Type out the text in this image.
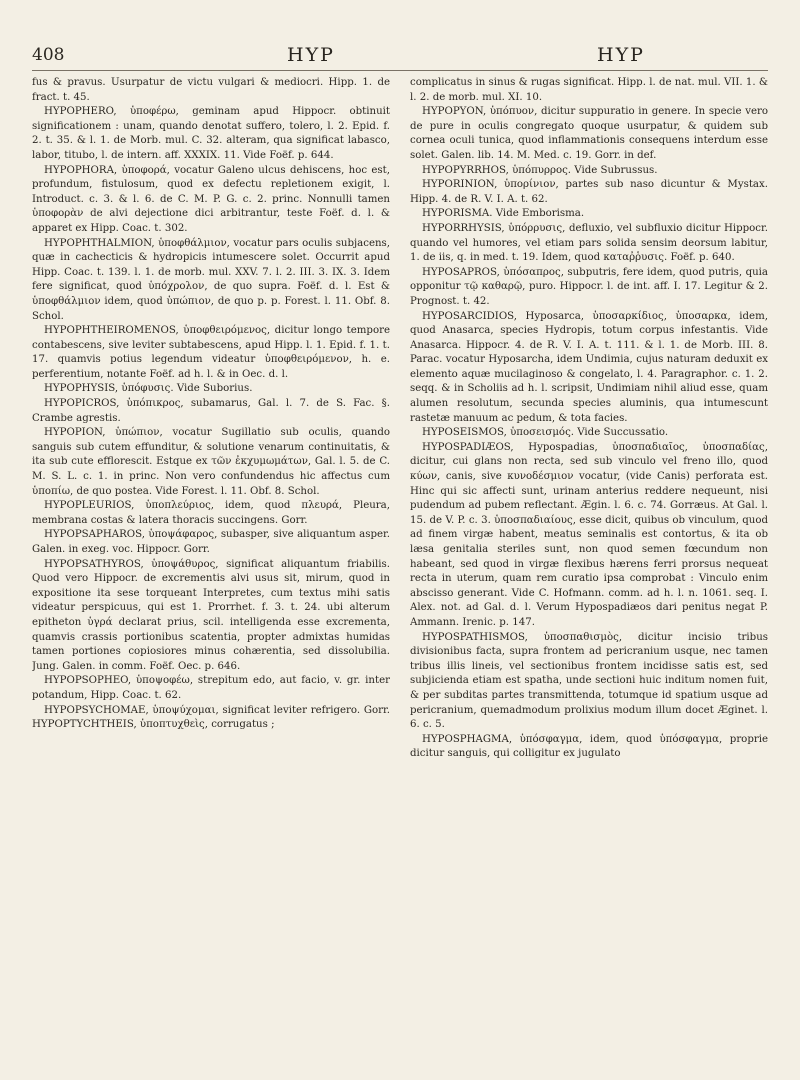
408	HYP	HYP

fus & pravus. Usurpatur de victu vulgari & mediocri. Hipp. 1. de fract. t. 45.

HYPOPHERO, ὑποφέρω, geminam apud Hippocr. obtinuit significationem : unam, quando denotat sufferо, tolero, l. 2. Epid. f. 2. t. 35. & l. 1. de Morb. mul. C. 32. alteram, qua significat labasco, labor, titubo, l. de intern. aff. XXXIX. 11. Vide Foëf. p. 644.

HYPOPHORA, ὑποφορά, vocatur Galeno ulcus dehiscens, hoc est, profundum, fistulosum, quod ex defectu repletionem exigit, l. Introduct. c. 3. & l. 6. de C. M. P. G. c. 2. princ. Nonnulli tamen ὑποφορὰν de alvi dejectione dici arbitrantur, teste Foëf. d. l. & apparet ex Hipp. Coac. t. 302.

HYPOPHTHALMION, ὑποφθάλμιον, vocatur pars oculis subjacens, quæ in cachecticis & hydropicis intumescere solet. Occurrit apud Hipp. Coac. t. 139. l. 1. de morb. mul. XXV. 7. l. 2. III. 3. IX. 3. Idem fere significat, quod ὑπόχρολον, de quo supra. Foëf. d. l. Est & ὑποφθάλμιον idem, quod ὑπώπιον, de quo p. p. Forest. l. 11. Obf. 8. Schol.

HYPOPHTHEIROMENOS, ὑποφθειρόμενος, dicitur longo tempore contabescens, sive leviter subtabescens, apud Hipp. l. 1. Epid. f. 1. t. 17. quamvis potius legendum videatur ὑποφθειρόμενον, h. e. perferentium, notante Foëf. ad h. l. & in Oec. d. l.

HYPOPHYSIS, ὑπόφυσις. Vide Suborius.

HYPOPICROS, ὑπόπικρος, subamarus, Gal. l. 7. de S. Fac. §. Crambe agrestis.

HYPOPION, ὑπώπιον, vocatur Sugillatio sub oculis, quando sanguis sub cutem effunditur, & solutione venarum continuitatis, & ita sub cute efflorescit. Estque ex τῶν ἐκχυμωμάτων, Gal. l. 5. de C. M. S. L. c. 1. in princ. Non vero confundendus hic affectus cum ὑποπίω, de quo postea. Vide Forest. l. 11. Obf. 8. Schol.

HYPOPLEURIOS, ὑποπλεύριος, idem, quod πλευρά, Pleura, membrana costas & latera thoracis succingens. Gorr.

HYPOPSAPHAROS, ὑποψάφαρος, subasper, sive aliquantum asper. Galen. in exeg. voc. Hippocr. Gorr.

HYPOPSATHYROS, ὑποψάθυρος, significat aliquantum friabilis. Quod vero Hippocr. de excrementis alvi usus sit, mirum, quod in expositione ita sese torqueant Interpretes, cum textus mihi satis videatur perspicuus, qui est 1. Prorrhet. f. 3. t. 24. ubi alterum epitheton ὑγρά declarat prius, scil. intelligenda esse excrementa, quamvis crassis portionibus scatentia, propter admixtas humidas tamen portiones copiosiores minus cohærentia, sed dissolubilia. Jung. Galen. in comm. Foëf. Oec. p. 646.

HYPOPSOPHEO, ὑποψοφέω, strepitum edo, aut facio, v. gr. inter potandum, Hipp. Coac. t. 62.

HYPOPSYCHOMAE, ὑποψύχομαι, significat leviter refrigero. Gorr. HYPOPTYCHTHEIS, ὑποπτυχθεὶς, corrugatus ;

complicatus in sinus & rugas significat. Hipp. l. de nat. mul. VII. 1. & l. 2. de morb. mul. XI. 10.

HYPOPYON, ὑπόπυον, dicitur suppuratio in genere. In specie vero de pure in oculis congregato quoque usurpatur, & quidem sub cornea oculi tunica, quod inflammationis consequens interdum esse solet. Galen. lib. 14. M. Med. c. 19. Gorr. in def.

HYPOPYRRHOS, ὑπόπυρρος. Vide Subrussus.

HYPORINION, ὑπορίνιον, partes sub naso dicuntur & Mystax. Hipp. 4. de R. V. I. A. t. 62.

HYPORISMA. Vide Emborisma.

HYPORRHYSIS, ὑπόρρυσις, defluxio, vel subfluxio dicitur Hippocr. quando vel humores, vel etiam pars solida sensim deorsum labitur, 1. de iis, q. in med. t. 19. Idem, quod καταῤῥυσις. Foëf. p. 640.

HYPOSAPROS, ὑπόσαπρος, subputris, fere idem, quod putris, quia opponitur τῷ καθαρῷ, puro. Hippocr. l. de int. aff. I. 17. Legitur & 2. Prognost. t. 42.

HYPOSARCIDIOS, Hyposarca, ὑποσαρκίδιος, ὑποσαρκα, idem, quod Anasarca, species Hydropis, totum corpus infestantis. Vide Anasarca. Hippocr. 4. de R. V. I. A. t. 111. & l. 1. de Morb. III. 8. Parac. vocatur Hyposarcha, idem Undimia, cujus naturam deduxit ex elemento aquæ mucilaginoso & congelato, l. 4. Paragraphor. c. 1. 2. seqq. & in Scholiis ad h. l. scripsit, Undimiam nihil aliud esse, quam alumen resolutum, secunda species aluminis, qua intumescunt rastetæ manuum ac pedum, & tota facies.

HYPOSEISMOS, ὑποσεισμός. Vide Succussatio.

HYPOSPADIÆOS, Hypospadias, ὑποσπαδιαῖος, ὑποσπαδίας, dicitur, cui glans non recta, sed sub vinculo vel freno illo, quod κύων, canis, sive κυνοδέσμιον vocatur, (vide Canis) perforata est. Hinc qui sic affecti sunt, urinam anterius reddere nequeunt, nisi pudendum ad pubem reflectant. Ægin. l. 6. c. 74. Gorræus. At Gal. l. 15. de V. P. c. 3. ὑποσπαδιαίους, esse dicit, quibus ob vinculum, quod ad finem virgæ habent, meatus seminalis est contortus, & ita ob læsa genitalia steriles sunt, non quod semen fœcundum non habeant, sed quod in virgæ flexibus hærens ferri prorsus nequeat recta in uterum, quam rem curatio ipsa comprobat : Vinculo enim abscisso generant. Vide C. Hofmann. comm. ad h. l. n. 1061. seq. I. Alex. not. ad Gal. d. l. Verum Hypospadiæos dari penitus negat P. Ammann. Irenic. p. 147.

HYPOSPATHISMOS, ὑποσπαθισμὸς, dicitur incisio tribus divisionibus facta, supra frontem ad pericranium usque, nec tamen tribus illis lineis, vel sectionibus frontem incidisse satis est, sed subjicienda etiam est spatha, unde sectioni huic inditum nomen fuit, & per subditas partes transmittenda, totumque id spatium usque ad pericranium, quemadmodum prolixius modum illum docet Æginet. l. 6. c. 5.

HYPOSPHAGMA, ὑπόσφαγμα, idem, quod ὑπόσφαγμα, proprie dicitur sanguis, qui colligitur ex jugulato
